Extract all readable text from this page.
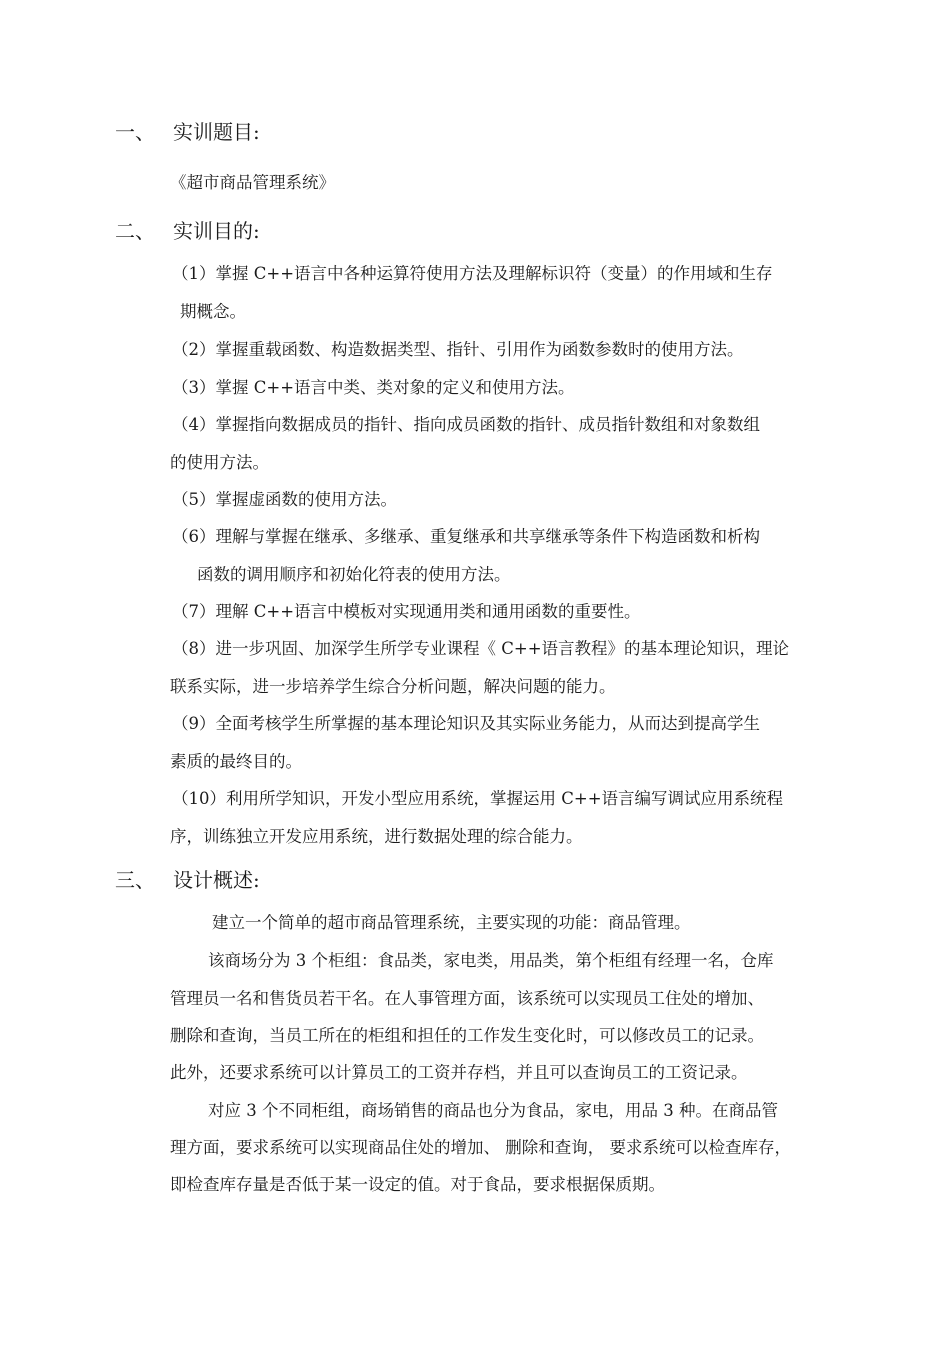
一、 实训题目:
《超市商品管理系统》
二、 实训目的:
（1）掌握 C++语言中各种运算符使用方法及理解标识符（变量）的作用域和生存
期概念。
（2）掌握重载函数、构造数据类型、指针、引用作为函数参数时的使用方法。
（3）掌握 C++语言中类、类对象的定义和使用方法。
（4）掌握指向数据成员的指针、指向成员函数的指针、成员指针数组和对象数组
的使用方法。
（5）掌握虚函数的使用方法。
（6）理解与掌握在继承、多继承、重复继承和共享继承等条件下构造函数和析构
函数的调用顺序和初始化符表的使用方法。
（7）理解 C++语言中模板对实现通用类和通用函数的重要性。
（8）进一步巩固、加深学生所学专业课程《 C++语言教程》的基本理论知识，理论
联系实际，进一步培养学生综合分析问题，解决问题的能力。
（9）全面考核学生所掌握的基本理论知识及其实际业务能力，从而达到提高学生
素质的最终目的。
（10）利用所学知识，开发小型应用系统，掌握运用 C++语言编写调试应用系统程
序，训练独立开发应用系统，进行数据处理的综合能力。
三、 设计概述:
建立一个简单的超市商品管理系统，主要实现的功能：商品管理。
该商场分为 3 个柜组：食品类，家电类，用品类，第个柜组有经理一名，仓库
管理员一名和售货员若干名。在人事管理方面，该系统可以实现员工住处的增加、
删除和查询，当员工所在的柜组和担任的工作发生变化时，可以修改员工的记录。
此外，还要求系统可以计算员工的工资并存档，并且可以查询员工的工资记录。
对应 3 个不同柜组，商场销售的商品也分为食品，家电，用品 3 种。在商品管
理方面，要求系统可以实现商品住处的增加、 删除和查询， 要求系统可以检查库存，
即检查库存量是否低于某一设定的值。对于食品，要求根据保质期。
